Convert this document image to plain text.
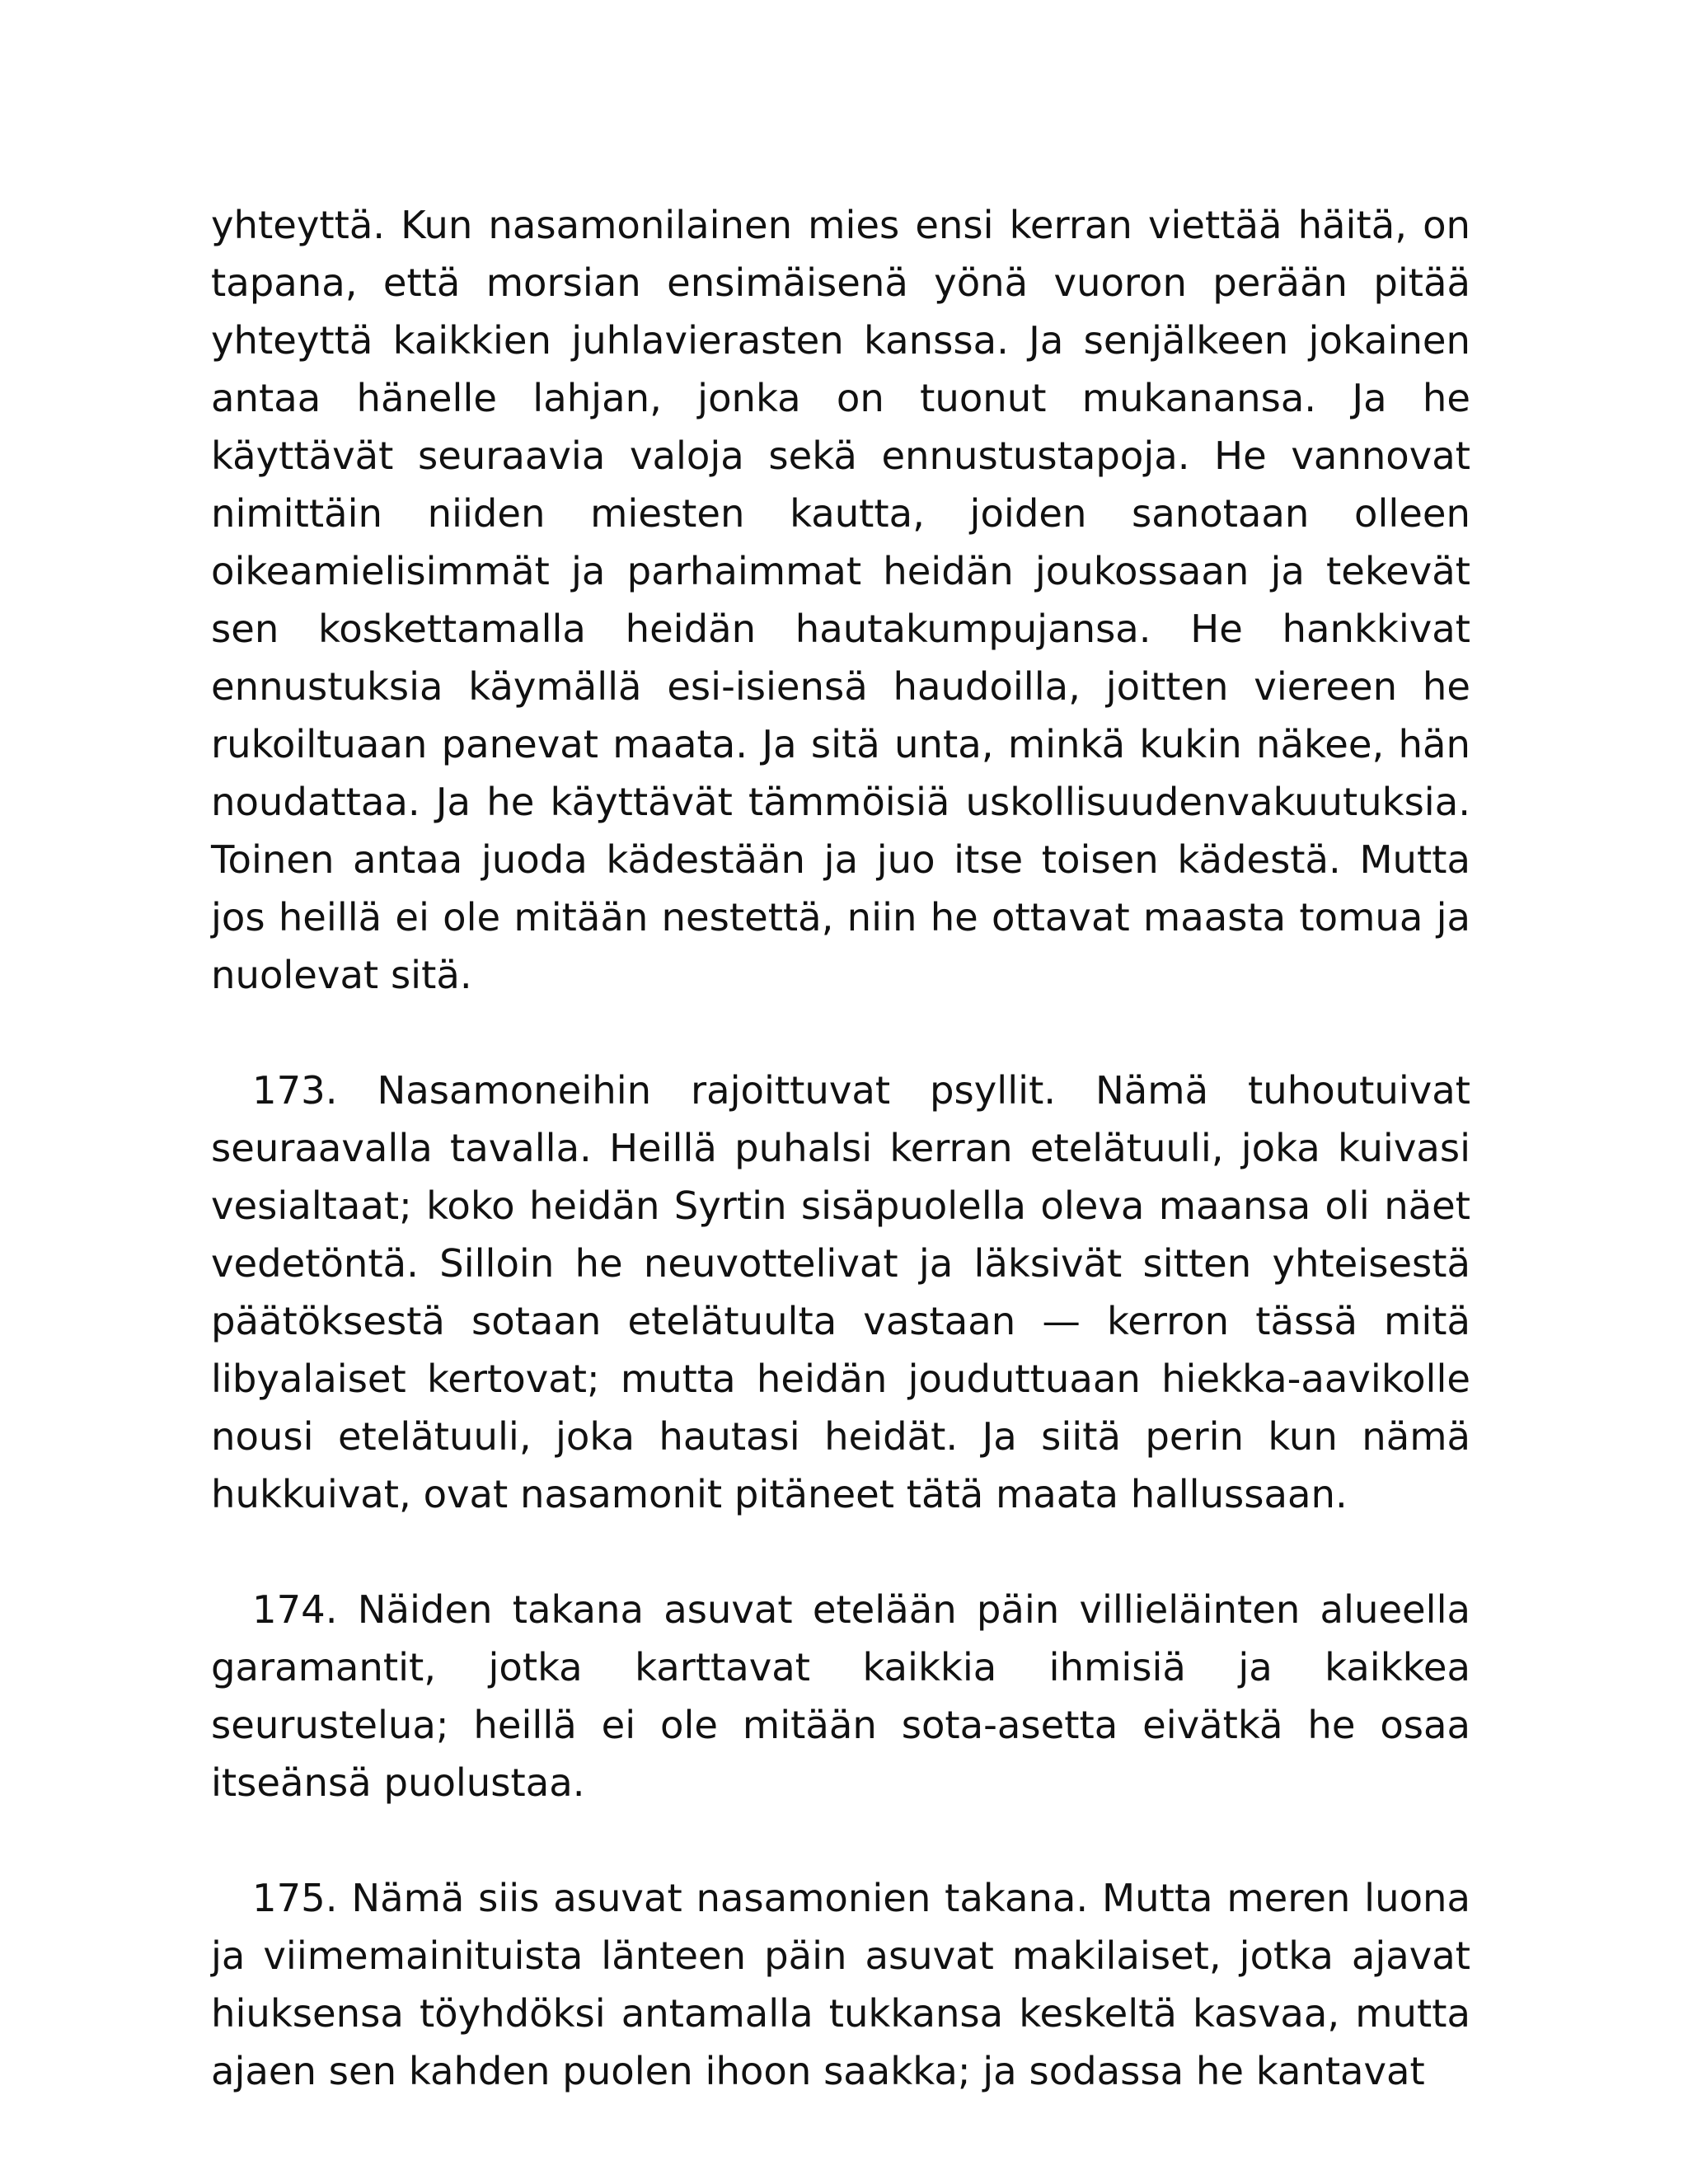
yhteyttä. Kun nasamonilainen mies ensi kerran viettää häitä, on tapana, että morsian ensimäisenä yönä vuoron perään pitää yhteyttä kaikkien juhlavierasten kanssa. Ja senjälkeen jokainen antaa hänelle lahjan, jonka on tuonut mukanansa. Ja he käyttävät seuraavia valoja sekä ennustustapoja. He vannovat nimittäin niiden miesten kautta, joiden sanotaan olleen oikeamielisimmät ja parhaimmat heidän joukossaan ja tekevät sen koskettamalla heidän hautakumpujansa. He hankkivat ennustuksia käymällä esi-isiensä haudoilla, joitten viereen he rukoiltuaan panevat maata. Ja sitä unta, minkä kukin näkee, hän noudattaa. Ja he käyttävät tämmöisiä uskollisuudenvakuutuksia. Toinen antaa juoda kädestään ja juo itse toisen kädestä. Mutta jos heillä ei ole mitään nestettä, niin he ottavat maasta tomua ja nuolevat sitä.

173. Nasamoneihin rajoittuvat psyllit. Nämä tuhoutuivat seuraavalla tavalla. Heillä puhalsi kerran etelätuuli, joka kuivasi vesialtaat; koko heidän Syrtin sisäpuolella oleva maansa oli näet vedetöntä. Silloin he neuvottelivat ja läksivät sitten yhteisestä päätöksestä sotaan etelätuulta vastaan — kerron tässä mitä libyalaiset kertovat; mutta heidän jouduttuaan hiekka-aavikolle nousi etelätuuli, joka hautasi heidät. Ja siitä perin kun nämä hukkuivat, ovat nasamonit pitäneet tätä maata hallussaan.

174. Näiden takana asuvat etelään päin villieläinten alueella garamantit, jotka karttavat kaikkia ihmisiä ja kaikkea seurustelua; heillä ei ole mitään sota-asetta eivätkä he osaa itseänsä puolustaa.

175. Nämä siis asuvat nasamonien takana. Mutta meren luona ja viimemainituista länteen päin asuvat makilaiset, jotka ajavat hiuksensa töyhdöksi antamalla tukkansa keskeltä kasvaa, mutta ajaen sen kahden puolen ihoon saakka; ja sodassa he kantavat
